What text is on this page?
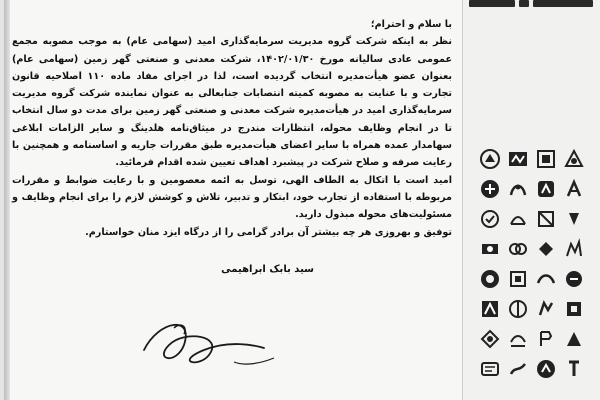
با سلام و احترام؛

نظر به اینکه شرکت گروه مدیریت سرمایه‌گذاری امید (سهامی عام) به موجب مصوبه مجمع عمومی عادی سالیانه مورخ ۱۴۰۲/۰۱/۳۰، شرکت معدنی و صنعتی گهر زمین (سهامی عام) بعنوان عضو هیأت‌مدیره انتخاب گردیده است، لذا در اجرای مفاد ماده ۱۱۰ اصلاحیه قانون تجارت و با عنایت به مصوبه کمیته انتصابات جنابعالی به عنوان نماینده شرکت گروه مدیریت سرمایه‌گذاری امید در هیأت‌مدیره شرکت معدنی و صنعتی گهر زمین برای مدت دو سال انتخاب تا در انجام وظایف محوله، انتظارات مندرج در میثاق‌نامه هلدینگ و سایر الزامات ابلاغی سهامدار عمده همراه با سایر اعضای هیأت‌مدیره طبق مقررات جاریه و اساسنامه و همچنین با رعایت صرفه و صلاح شرکت در پیشبرد اهداف تعیین شده اقدام فرمائید.

امید است با اتکال به الطاف الهی، توسل به ائمه معصومین و با رعایت ضوابط و مقررات مربوطه با استفاده از تجارب خود، ابتکار و تدبیر، تلاش و کوشش لازم را برای انجام وظایف و مسئولیت‌های محوله مبذول دارید.

توفیق و بهروزی هر چه بیشتر آن برادر گرامی را از درگاه ایزد منان خواستارم.

سید بابک ابراهیمی
